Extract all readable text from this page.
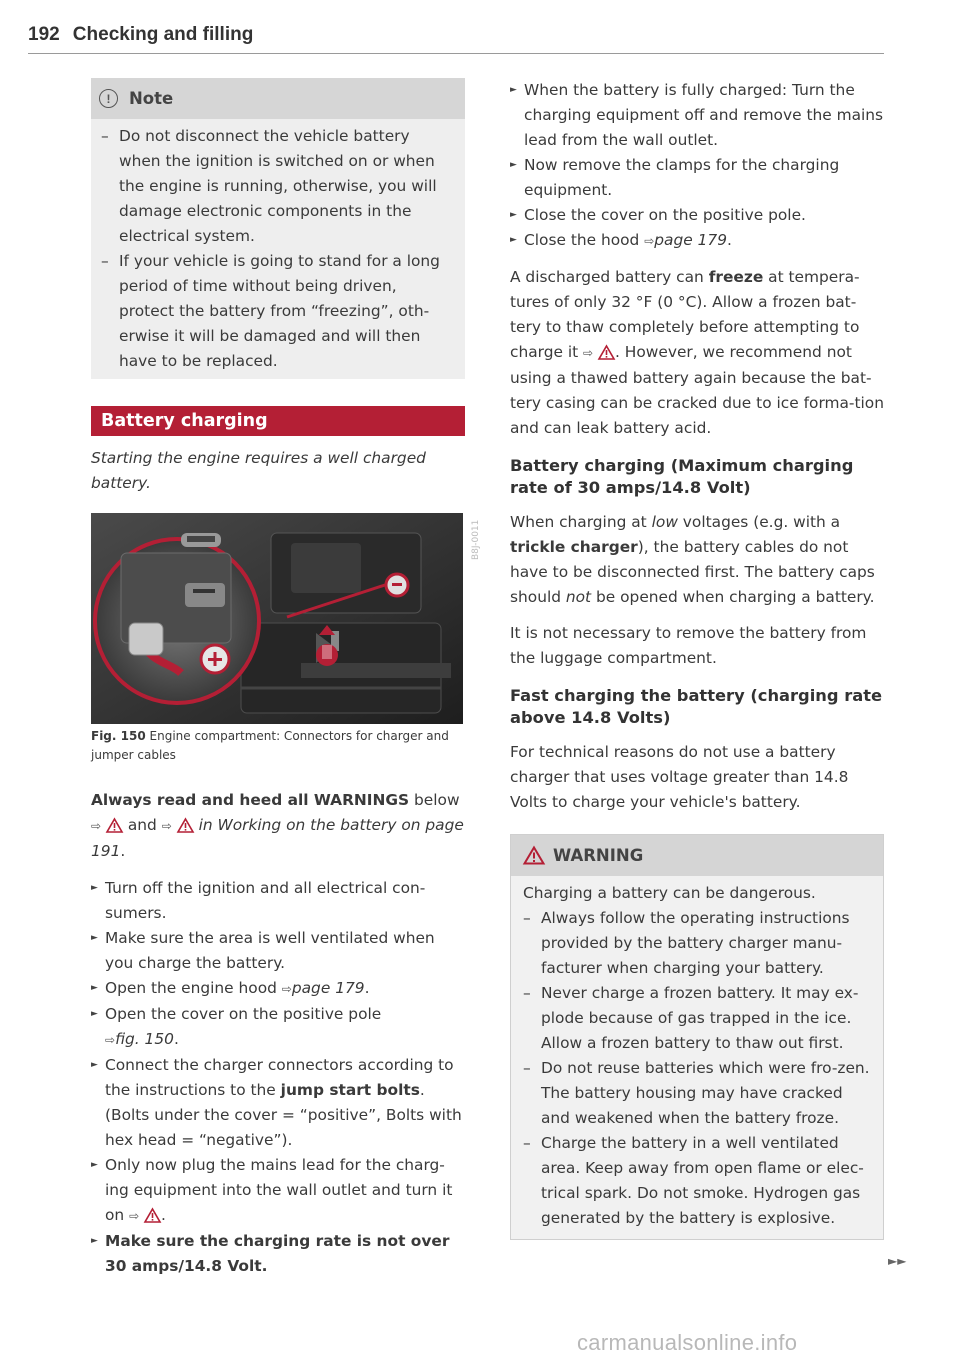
192 Checking and filling
!	Note
– Do not disconnect the vehicle battery when the ignition is switched on or when the engine is running, otherwise, you will damage electronic components in the electrical system.
– If your vehicle is going to stand for a long period of time without being driven, protect the battery from “freezing”, oth-erwise it will be damaged and will then have to be replaced.
Battery charging

Starting the engine requires a well charged battery.

B8J-0011

Fig. 150 Engine compartment: Connectors for charger and jumper cables

Always read and heed all WARNINGS below ⇨  and ⇨  in Working on the battery on page 191.

► Turn off the ignition and all electrical con-sumers.
► Make sure the area is well ventilated when you charge the battery.
► Open the engine hood ⇨page 179.
► Open the cover on the positive pole
⇨fig. 150.
► Connect the charger connectors according to the instructions to the jump start bolts. (Bolts under the cover = “positive”, Bolts with hex head = “negative”).
► Only now plug the mains lead for the charg-ing equipment into the wall outlet and turn it on ⇨ .
► Make sure the charging rate is not over 30 amps/14.8 Volt.
► When the battery is fully charged: Turn the charging equipment off and remove the mains lead from the wall outlet.
► Now remove the clamps for the charging equipment.
► Close the cover on the positive pole.
► Close the hood ⇨page 179.

A discharged battery can freeze at tempera-tures of only 32 °F (0 °C). Allow a frozen bat-tery to thaw completely before attempting to charge it ⇨ . However, we recommend not using a thawed battery again because the bat-tery casing can be cracked due to ice forma-tion and can leak battery acid.

Battery charging (Maximum charging rate of 30 amps/14.8 Volt)

When charging at low voltages (e.g. with a trickle charger), the battery cables do not have to be disconnected first. The battery caps should not be opened when charging a battery.

It is not necessary to remove the battery from the luggage compartment.

Fast charging the battery (charging rate above 14.8 Volts)

For technical reasons do not use a battery charger that uses voltage greater than 14.8 Volts to charge your vehicle's battery.

WARNING

Charging a battery can be dangerous.

– Always follow the operating instructions provided by the battery charger manu-facturer when charging your battery.
– Never charge a frozen battery. It may ex-plode because of gas trapped in the ice. Allow a frozen battery to thaw out first.
– Do not reuse batteries which were fro-zen. The battery housing may have cracked and weakened when the battery froze.
– Charge the battery in a well ventilated area. Keep away from open flame or elec-trical spark. Do not smoke. Hydrogen gas generated by the battery is explosive.
►►
carmanualsonline.info
